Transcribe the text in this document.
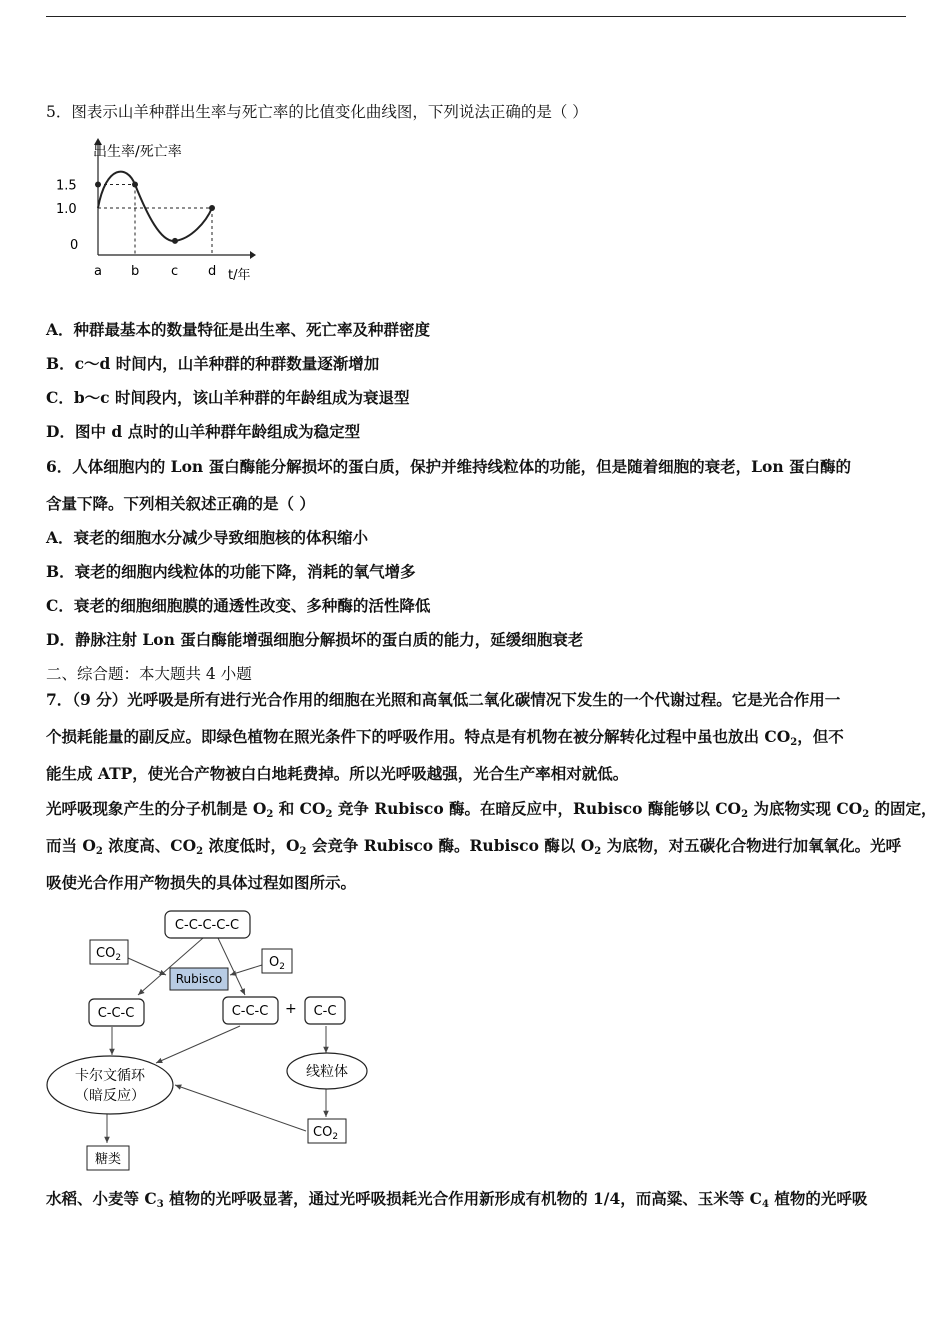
5．图表示山羊种群出生率与死亡率的比值变化曲线图，下列说法正确的是（ ）
出生率/死亡率
t/年
1.5
1.0
0
a b c d
A．种群最基本的数量特征是出生率、死亡率及种群密度
B．c～d 时间内，山羊种群的种群数量逐渐增加
C．b～c 时间段内，该山羊种群的年龄组成为衰退型
D．图中 d 点时的山羊种群年龄组成为稳定型
6．人体细胞内的 Lon 蛋白酶能分解损坏的蛋白质，保护并维持线粒体的功能，但是随着细胞的衰老，Lon 蛋白酶的
含量下降。下列相关叙述正确的是（ ）
A．衰老的细胞水分减少导致细胞核的体积缩小
B．衰老的细胞内线粒体的功能下降，消耗的氧气增多
C．衰老的细胞细胞膜的通透性改变、多种酶的活性降低
D．静脉注射 Lon 蛋白酶能增强细胞分解损坏的蛋白质的能力，延缓细胞衰老
二、综合题：本大题共 4 小题
7．（9 分）光呼吸是所有进行光合作用的细胞在光照和高氧低二氧化碳情况下发生的一个代谢过程。它是光合作用一
个损耗能量的副反应。即绿色植物在照光条件下的呼吸作用。特点是有机物在被分解转化过程中虽也放出 $CO_2$，但不
能生成 ATP，使光合产物被白白地耗费掉。所以光呼吸越强，光合生产率相对就低。
光呼吸现象产生的分子机制是 $O_2$ 和 $CO_2$ 竞争 Rubisco 酶。在暗反应中，Rubisco 酶能够以 $CO_2$ 为底物实现 $CO_2$ 的固定，
而当 $O_2$ 浓度高、$CO_2$ 浓度低时，$O_2$ 会竞争 Rubisco 酶。Rubisco 酶以 $O_2$ 为底物，对五碳化合物进行加氧氧化。光呼
吸使光合作用产物损失的具体过程如图所示。
C-C-C-C-C
$CO_2$
Rubisco
$O_2$
C-C-C	C-C-C + C-C
卡尔文循环
（暗反应）
线粒体
$CO_2$
糖类
水稻、小麦等 $C_3$ 植物的光呼吸显著，通过光呼吸损耗光合作用新形成有机物的 1/4，而高粱、玉米等 $C_4$ 植物的光呼吸
